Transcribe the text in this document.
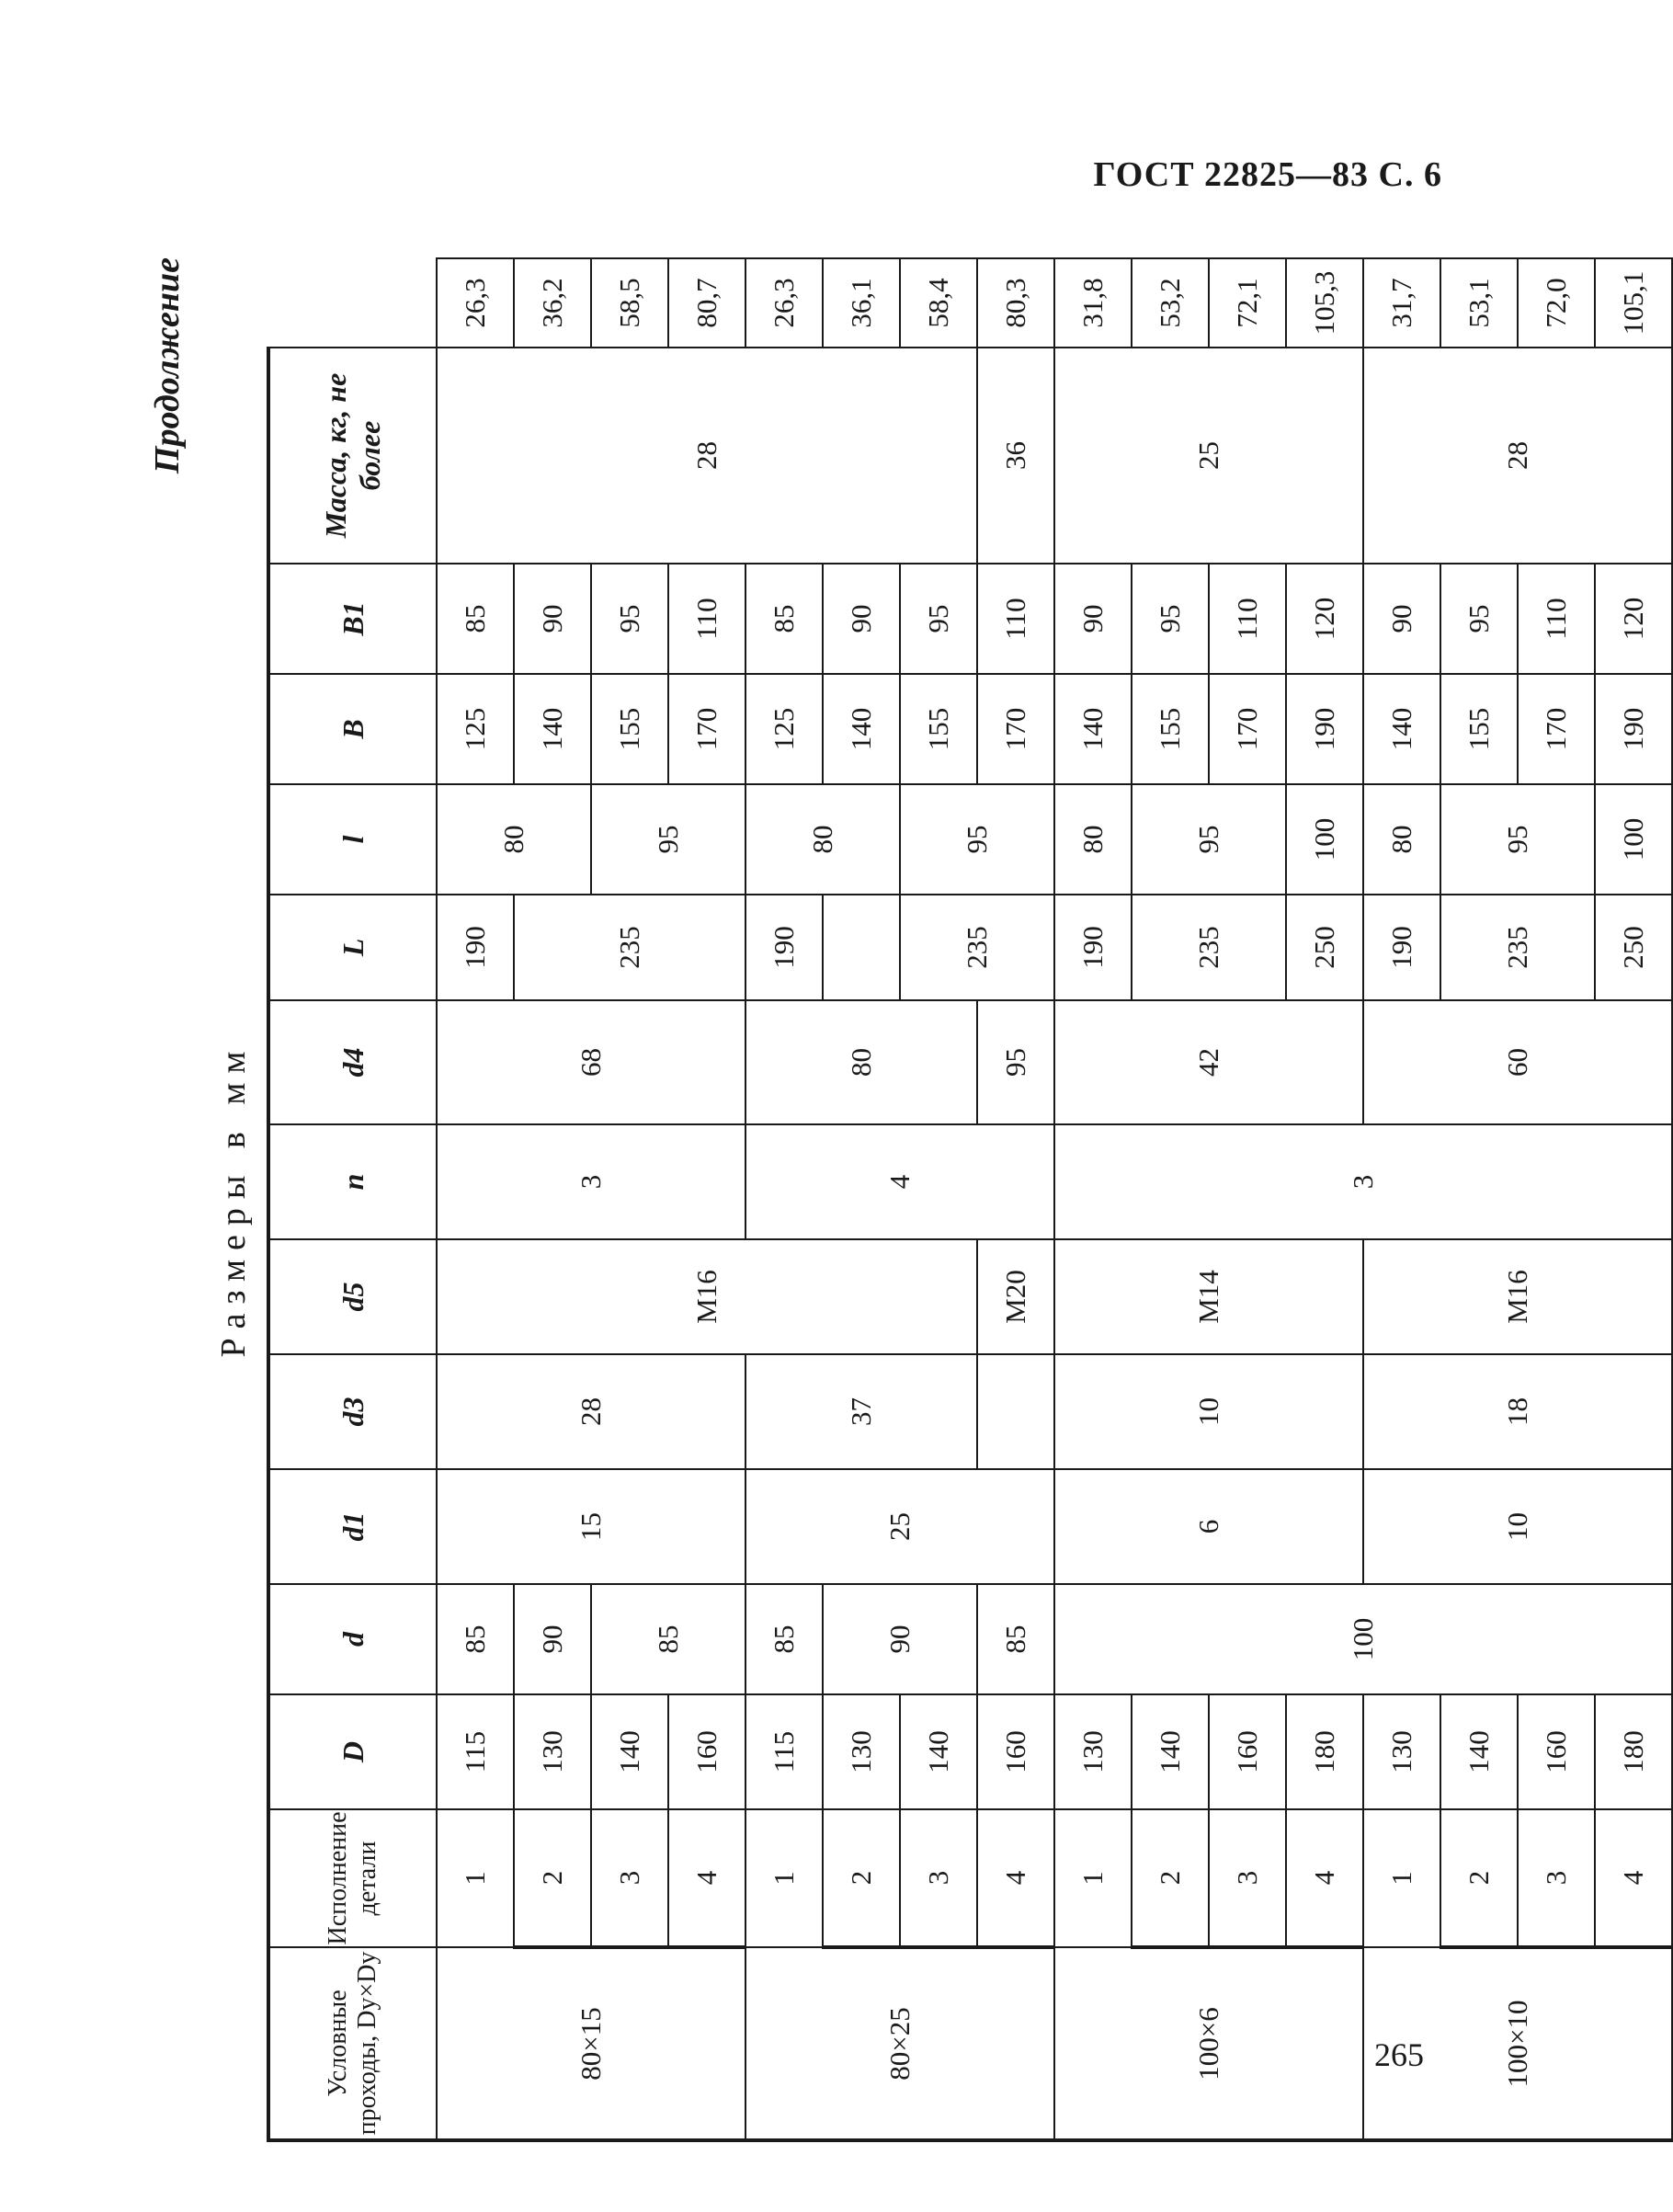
ГОСТ 22825—83 С. 6
Продолжение
Размеры в мм
Условные проходы, Dy×Dy	Исполнение детали	D	d	d1	d3	d5	n	d4	L	l	B	B1	Масса, кг, не более	
80×15	1	115	85	15	28	M16	3	68	190	80	125	85	28	26,3
	2	130	90						235		140	90		36,2
	3	140	85							95	155	95		58,5
	4	160									170	110		80,7
80×25	1	115	85	25	37		4	80	190	80	125	85		26,3
	2	130	90								140	90		36,1
	3	140							235	95	155	95		58,4
	4	160	85			M20		95			170	110	36	80,3
100×6	1	130	100	6	10	M14	3	42	190	80	140	90	25	31,8
	2	140							235	95	155	95		53,2
	3	160									170	110		72,1
	4	180							250	100	190	120		105,3
100×10	1	130		10	18	M16		60	190	80	140	90	28	31,7
	2	140							235	95	155	95		53,1
	3	160									170	110		72,0
	4	180							250	100	190	120		105,1
265
